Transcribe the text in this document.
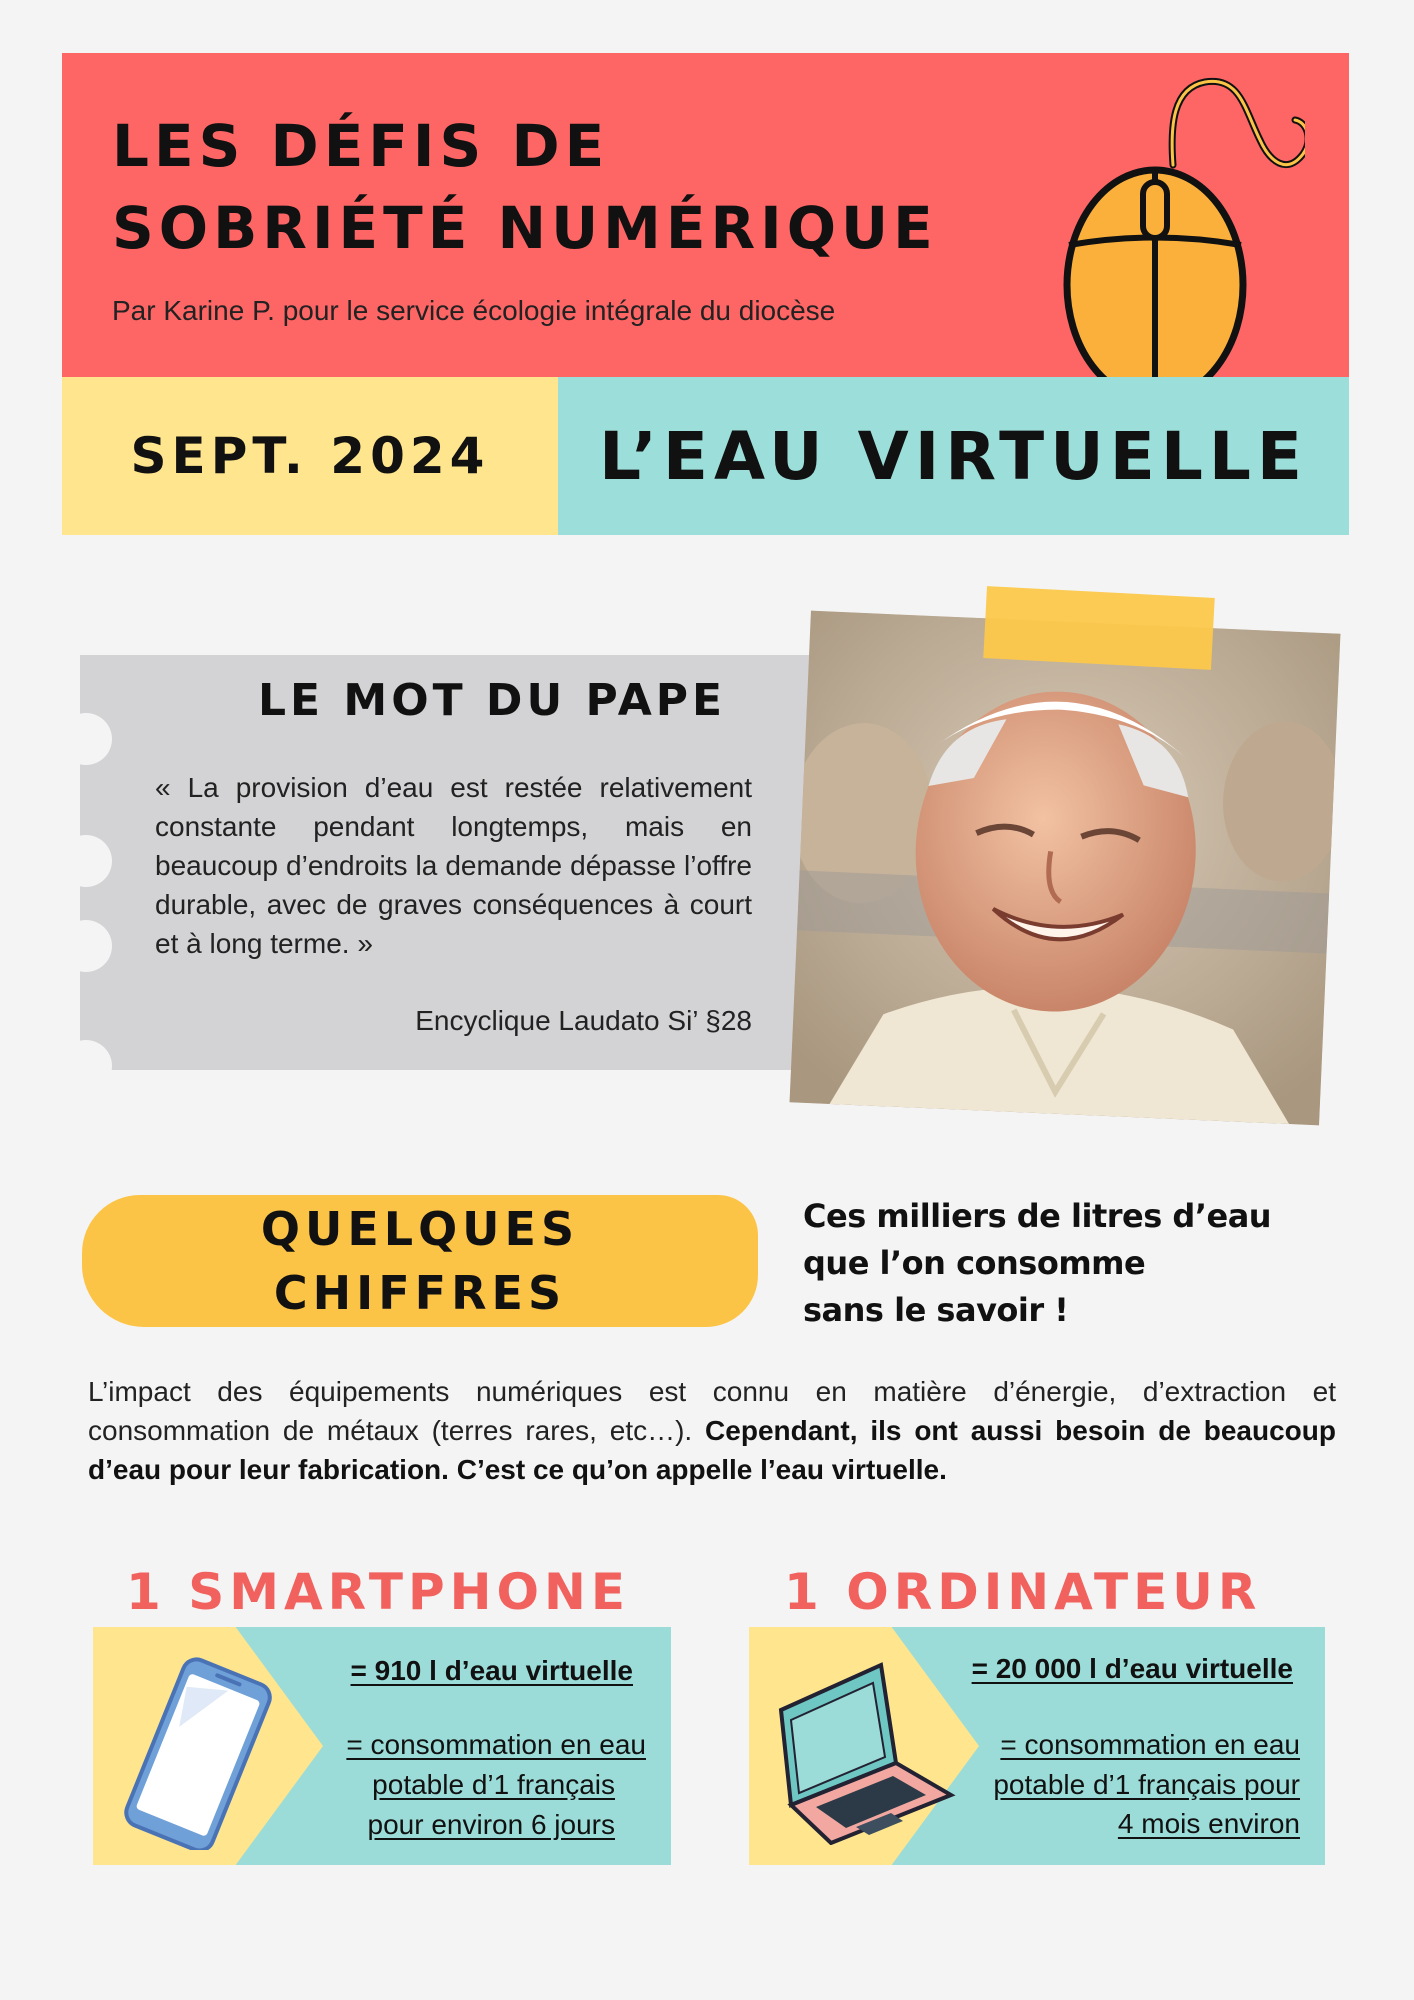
LES DÉFIS DE
SOBRIÉTÉ NUMÉRIQUE
Par Karine P. pour le service écologie intégrale du diocèse
SEPT. 2024	L’EAU VIRTUELLE
LE MOT DU PAPE
« La provision d’eau est restée relativement constante pendant longtemps, mais en beaucoup d’endroits la demande dépasse l’offre durable, avec de graves conséquences à court et à long terme. »
Encyclique Laudato Si’ §28
QUELQUES
CHIFFRES
Ces milliers de litres d’eau
que l’on consomme
sans le savoir !

L’impact des équipements numériques est connu en matière d’énergie, d’extraction et consommation de métaux (terres rares, etc…). Cependant, ils ont aussi besoin de beaucoup d’eau pour leur fabrication. C’est ce qu’on appelle l’eau virtuelle.

1 SMARTPHONE
= 910 l d’eau virtuelle
= consommation en eau
potable d’1 français
pour environ 6 jours
1 ORDINATEUR
= 20 000 l d’eau virtuelle
= consommation en eau
potable d’1 français pour
4 mois environ
